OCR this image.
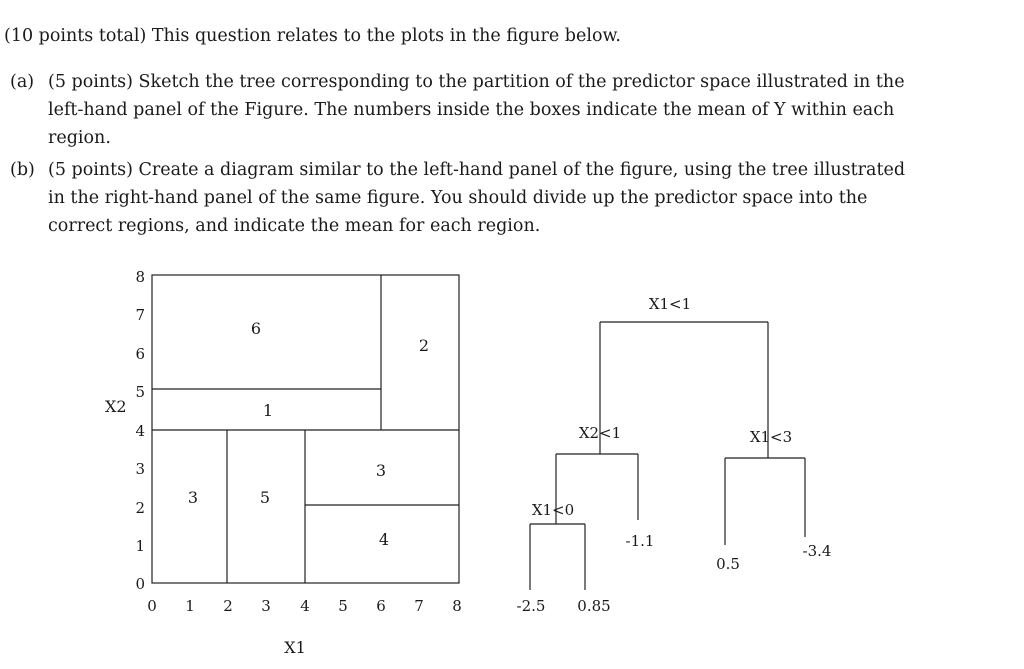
(10 points total) This question relates to the plots in the figure below.
(a) (5 points) Sketch the tree corresponding to the partition of the predictor space illustrated in the
left-hand panel of the Figure. The numbers inside the boxes indicate the mean of Y within each
region.
(b) (5 points) Create a diagram similar to the left-hand panel of the figure, using the tree illustrated
in the right-hand panel of the same figure. You should divide up the predictor space into the
correct regions, and indicate the mean for each region.
6
2
1
3	5
3
4
0
1
2
3
4
5
6
7
8
X2
0 1 2 3 4 5 6 7 8
X1
X1<1
X2<1	X1<3
X1<0
-2.5 0.85
-1.1
0.5
-3.4
